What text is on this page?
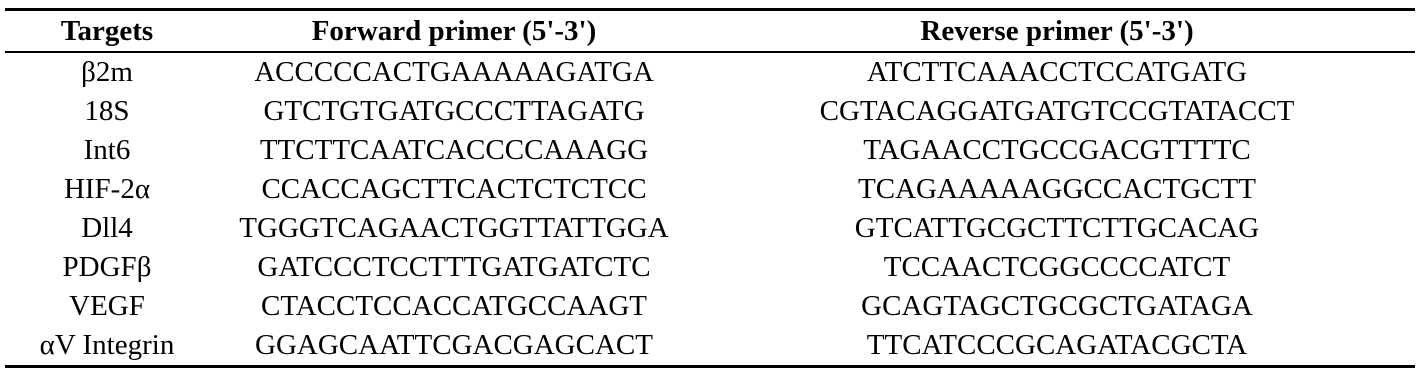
Targets	Forward primer (5'-3')	Reverse primer (5'-3')
β2m	ACCCCCACTGAAAAAGATGA	ATCTTCAAACCTCCATGATG
18S	GTCTGTGATGCCCTTAGATG	CGTACAGGATGATGTCCGTATACCT
Int6	TTCTTCAATCACCCCAAAGG	TAGAACCTGCCGACGTTTTC
HIF-2α	CCACCAGCTTCACTCTCTCC	TCAGAAAAAGGCCACTGCTT
Dll4	TGGGTCAGAACTGGTTATTGGA	GTCATTGCGCTTCTTGCACAG
PDGFβ	GATCCCTCCTTTGATGATCTC	TCCAACTCGGCCCCATCT
VEGF	CTACCTCCACCATGCCAAGT	GCAGTAGCTGCGCTGATAGA
αV Integrin	GGAGCAATTCGACGAGCACT	TTCATCCCGCAGATACGCTA
